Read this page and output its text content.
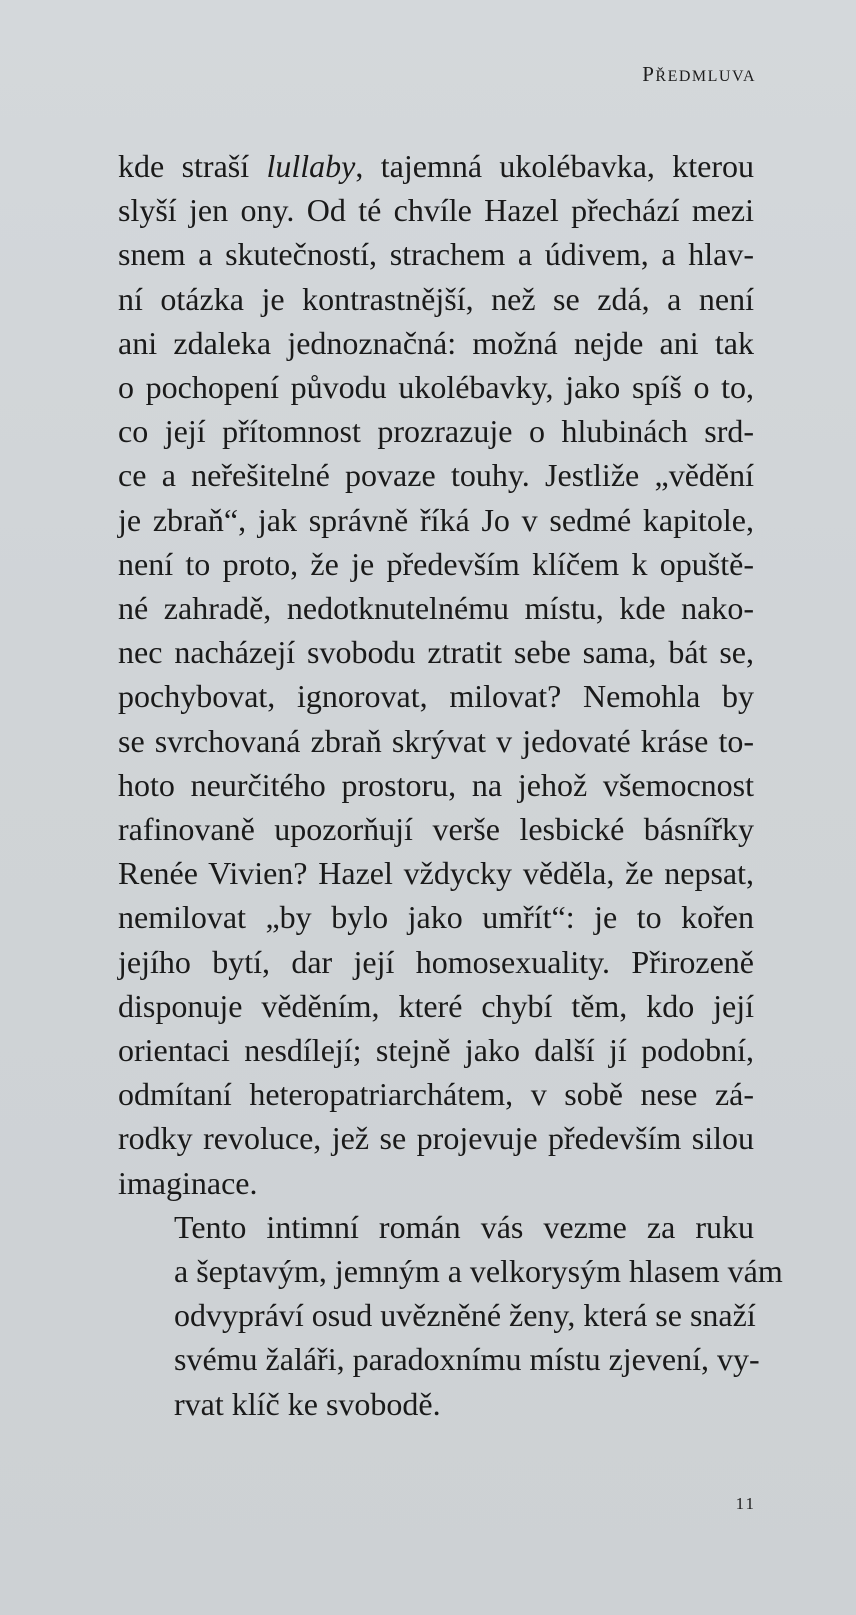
PŘEDMLUVA

kde straší lullaby, tajemná ukolébavka, kterou
slyší jen ony. Od té chvíle Hazel přechází mezi
snem a skutečností, strachem a údivem, a hlav-
ní otázka je kontrastnější, než se zdá, a není
ani zdaleka jednoznačná: možná nejde ani tak
o pochopení původu ukolébavky, jako spíš o to,
co její přítomnost prozrazuje o hlubinách srd-
ce a neřešitelné povaze touhy. Jestliže „vědění
je zbraň“, jak správně říká Jo v sedmé kapitole,
není to proto, že je především klíčem k opuště-
né zahradě, nedotknutelnému místu, kde nako-
nec nacházejí svobodu ztratit sebe sama, bát se,
pochybovat, ignorovat, milovat? Nemohla by
se svrchovaná zbraň skrývat v jedovaté kráse to-
hoto neurčitého prostoru, na jehož všemocnost
rafinovaně upozorňují verše lesbické básnířky
Renée Vivien? Hazel vždycky věděla, že nepsat,
nemilovat „by bylo jako umřít“: je to kořen
jejího bytí, dar její homosexuality. Přirozeně
disponuje věděním, které chybí těm, kdo její
orientaci nesdílejí; stejně jako další jí podobní,
odmítaní heteropatriarchátem, v sobě nese zá-
rodky revoluce, jež se projevuje především silou
imaginace.

Tento intimní román vás vezme za ruku
a šeptavým, jemným a velkorysým hlasem vám
odvypráví osud uvězněné ženy, která se snaží
svému žaláři, paradoxnímu místu zjevení, vy-
rvat klíč ke svobodě.

11
